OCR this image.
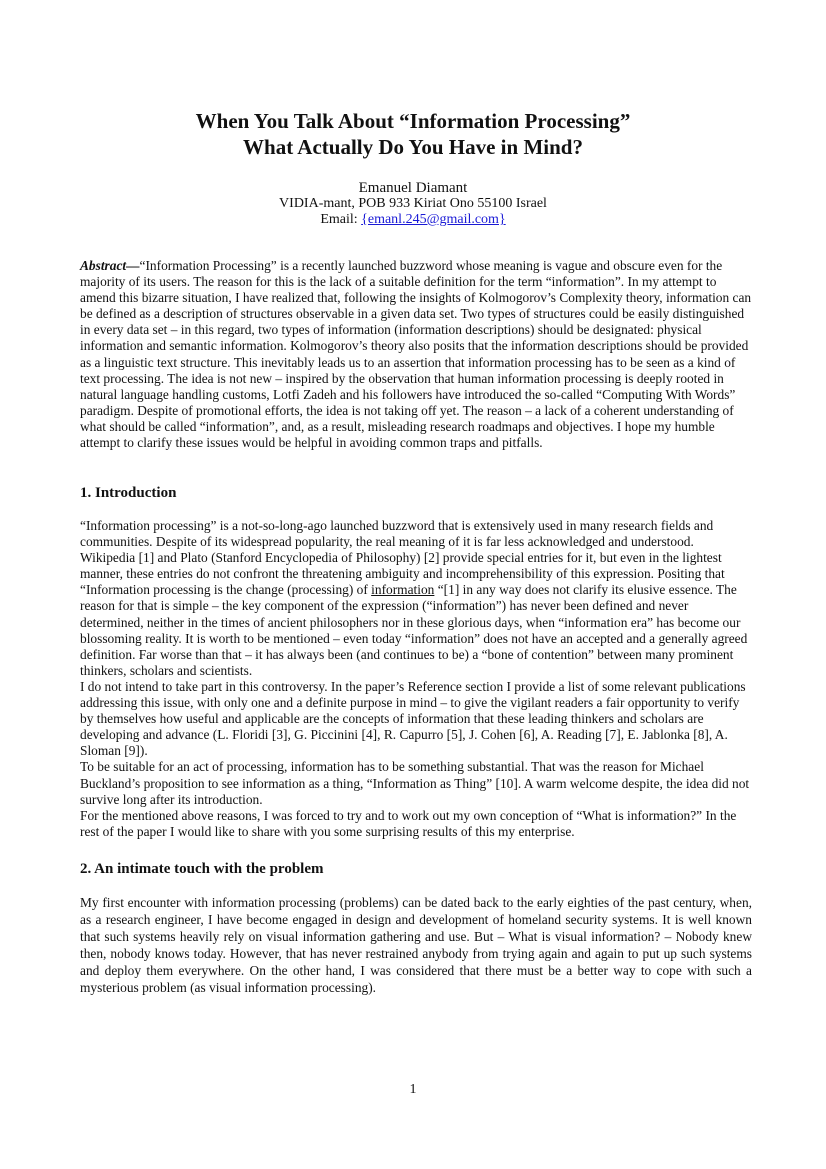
When You Talk About “Information Processing”
What Actually Do You Have in Mind?
Emanuel Diamant
VIDIA-mant, POB 933 Kiriat Ono 55100 Israel
Email: {emanl.245@gmail.com}

Abstract—“Information Processing” is a recently launched buzzword whose meaning is vague and obscure even for the majority of its users. The reason for this is the lack of a suitable definition for the term “information”. In my attempt to amend this bizarre situation, I have realized that, following the insights of Kolmogorov’s Complexity theory, information can be defined as a description of structures observable in a given data set. Two types of structures could be easily distinguished in every data set – in this regard, two types of information (information descriptions) should be designated: physical information and semantic information. Kolmogorov’s theory also posits that the information descriptions should be provided as a linguistic text structure. This inevitably leads us to an assertion that information processing has to be seen as a kind of text processing. The idea is not new – inspired by the observation that human information processing is deeply rooted in natural language handling customs, Lotfi Zadeh and his followers have introduced the so-called “Computing With Words” paradigm. Despite of promotional efforts, the idea is not taking off yet. The reason – a lack of a coherent understanding of what should be called “information”, and, as a result, misleading research roadmaps and objectives. I hope my humble attempt to clarify these issues would be helpful in avoiding common traps and pitfalls.

1. Introduction

“Information processing” is a not-so-long-ago launched buzzword that is extensively used in many research fields and communities. Despite of its widespread popularity, the real meaning of it is far less acknowledged and understood. Wikipedia [1] and Plato (Stanford Encyclopedia of Philosophy) [2] provide special entries for it, but even in the lightest manner, these entries do not confront the threatening ambiguity and incomprehensibility of this expression. Positing that “Information processing is the change (processing) of information “[1] in any way does not clarify its elusive essence. The reason for that is simple – the key component of the expression (“information”) has never been defined and never determined, neither in the times of ancient philosophers nor in these glorious days, when “information era” has become our blossoming reality. It is worth to be mentioned – even today “information” does not have an accepted and a generally agreed definition. Far worse than that – it has always been (and continues to be) a “bone of contention” between many prominent thinkers, scholars and scientists.

I do not intend to take part in this controversy. In the paper’s Reference section I provide a list of some relevant publications addressing this issue, with only one and a definite purpose in mind – to give the vigilant readers a fair opportunity to verify by themselves how useful and applicable are the concepts of information that these leading thinkers and scholars are developing and advance (L. Floridi [3], G. Piccinini [4], R. Capurro [5], J. Cohen [6], A. Reading [7], E. Jablonka [8], A. Sloman [9]).

To be suitable for an act of processing, information has to be something substantial. That was the reason for Michael Buckland’s proposition to see information as a thing, “Information as Thing” [10]. A warm welcome despite, the idea did not survive long after its introduction.

For the mentioned above reasons, I was forced to try and to work out my own conception of “What is information?” In the rest of the paper I would like to share with you some surprising results of this my enterprise.

2. An intimate touch with the problem

My first encounter with information processing (problems) can be dated back to the early eighties of the past century, when, as a research engineer, I have become engaged in design and development of homeland security systems. It is well known that such systems heavily rely on visual information gathering and use. But – What is visual information? – Nobody knew then, nobody knows today. However, that has never restrained anybody from trying again and again to put up such systems and deploy them everywhere. On the other hand, I was considered that there must be a better way to cope with such a mysterious problem (as visual information processing).

1
